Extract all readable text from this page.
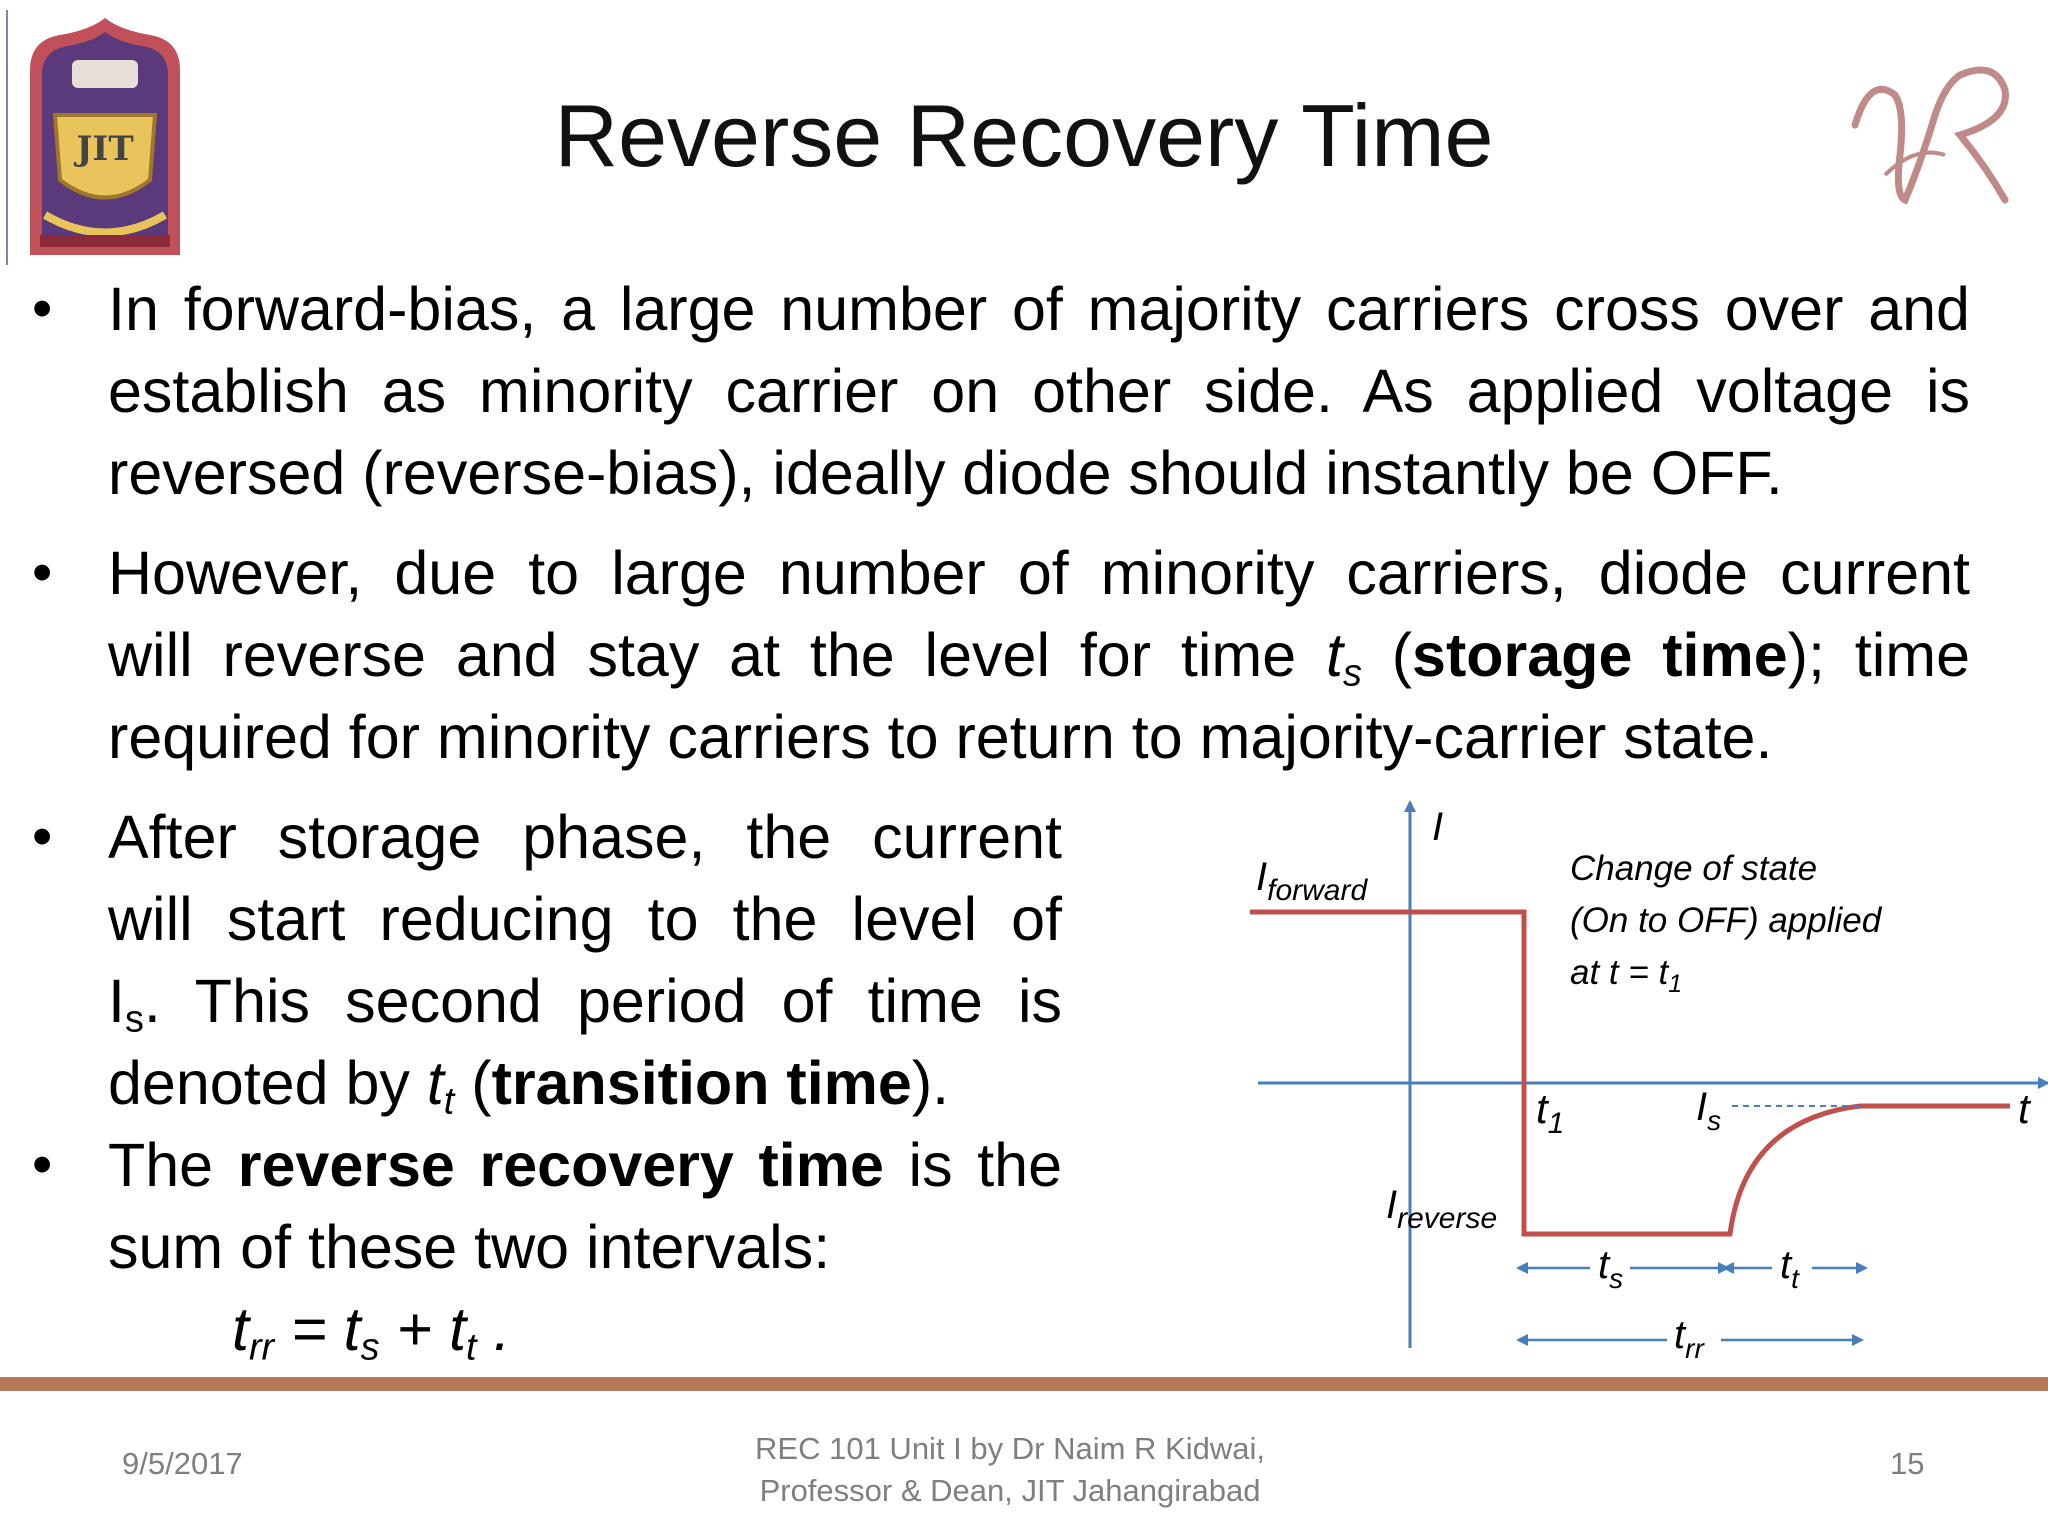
JIT	Reverse Recovery Time
• In forward-bias, a large number of majority carriers cross over and
establish as minority carrier on other side. As applied voltage is
reversed (reverse-bias), ideally diode should instantly be OFF.
• However, due to large number of minority carriers, diode current
will reverse and stay at the level for time $t_s$ (storage time); time
required for minority carriers to return to majority-carrier state.
• After storage phase, the current
will start reducing to the level of
$I_s$. This second period of time is
denoted by $t_t$ (transition time).
• The reverse recovery time is the
sum of these two intervals:
$t_{rr} = t_s + t_t$ .
I
t
$I_{forward}$
$I_{reverse}$
$I_s$
$t_1$
Change of state
(On to OFF) applied
at $t = t_1$
$t_s$	$t_t$
$t_{rr}$
9/5/2017	REC 101 Unit I by Dr Naim R Kidwai,
Professor & Dean, JIT Jahangirabad
15
